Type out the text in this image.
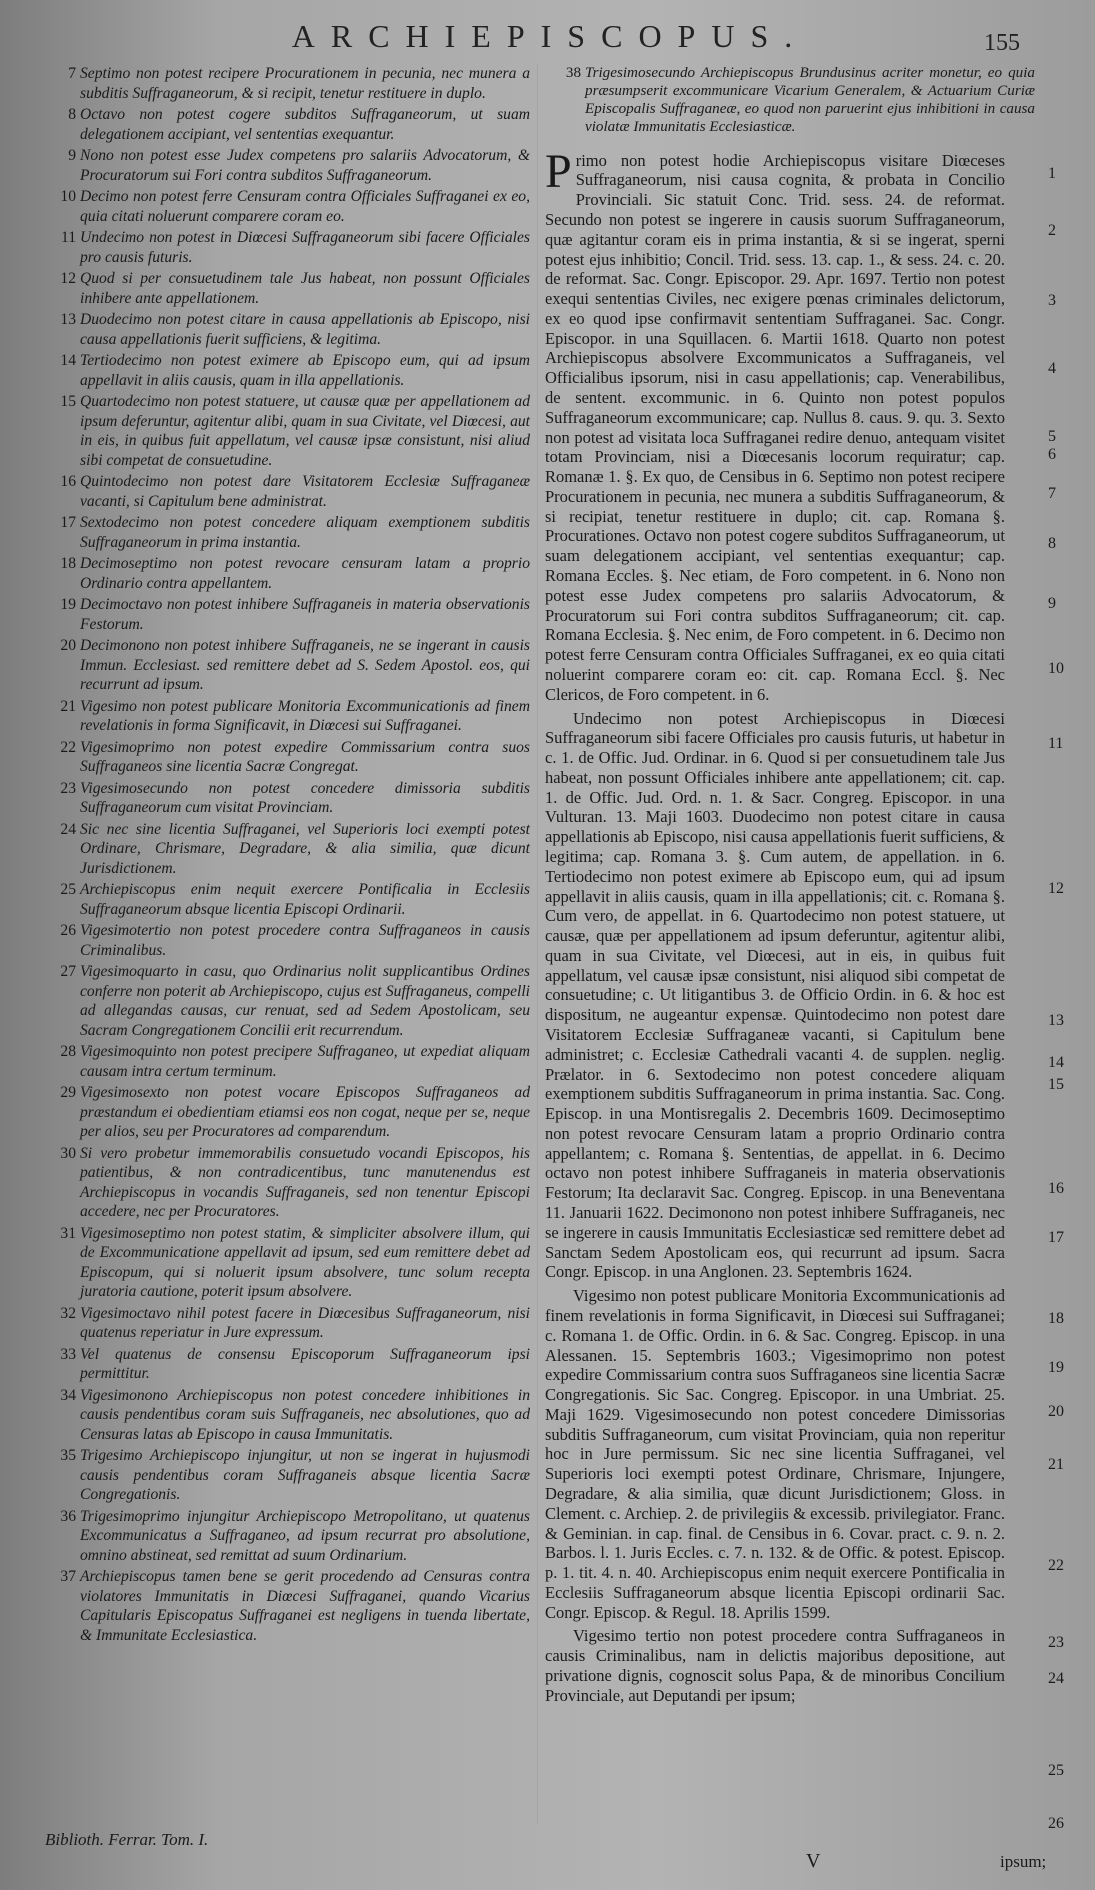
ARCHIEPISCOPUS.	155
7 Septimo non potest recipere Procurationem in pecunia, nec munera a subditis Suffraganeorum, & si recipit, tenetur restituere in duplo.
8 Octavo non potest cogere subditos Suffraganeorum, ut suam delegationem accipiant, vel sententias exequantur.
9 Nono non potest esse Judex competens pro salariis Advocatorum, & Procuratorum sui Fori contra subditos Suffraganeorum.
10 Decimo non potest ferre Censuram contra Officiales Suffraganei ex eo, quia citati noluerunt comparere coram eo.
11 Undecimo non potest in Diœcesi Suffraganeorum sibi facere Officiales pro causis futuris.
12 Quod si per consuetudinem tale Jus habeat, non possunt Officiales inhibere ante appellationem.
13 Duodecimo non potest citare in causa appellationis ab Episcopo, nisi causa appellationis fuerit sufficiens, & legitima.
14 Tertiodecimo non potest eximere ab Episcopo eum, qui ad ipsum appellavit in aliis causis, quam in illa appellationis.
15 Quartodecimo non potest statuere, ut causæ quæ per appellationem ad ipsum deferuntur, agitentur alibi, quam in sua Civitate, vel Diœcesi, aut in eis, in quibus fuit appellatum, vel causæ ipsæ consistunt, nisi aliud sibi competat de consuetudine.
16 Quintodecimo non potest dare Visitatorem Ecclesiæ Suffraganeæ vacanti, si Capitulum bene administrat.
17 Sextodecimo non potest concedere aliquam exemptionem subditis Suffraganeorum in prima instantia.
18 Decimoseptimo non potest revocare censuram latam a proprio Ordinario contra appellantem.
19 Decimoctavo non potest inhibere Suffraganeis in materia observationis Festorum.
20 Decimonono non potest inhibere Suffraganeis, ne se ingerant in causis Immun. Ecclesiast. sed remittere debet ad S. Sedem Apostol. eos, qui recurrunt ad ipsum.
21 Vigesimo non potest publicare Monitoria Excommunicationis ad finem revelationis in forma Significavit, in Diœcesi sui Suffraganei.
22 Vigesimoprimo non potest expedire Commissarium contra suos Suffraganeos sine licentia Sacræ Congregat.
23 Vigesimosecundo non potest concedere dimissoria subditis Suffraganeorum cum visitat Provinciam.
24 Sic nec sine licentia Suffraganei, vel Superioris loci exempti potest Ordinare, Chrismare, Degradare, & alia similia, quæ dicunt Jurisdictionem.
25 Archiepiscopus enim nequit exercere Pontificalia in Ecclesiis Suffraganeorum absque licentia Episcopi Ordinarii.
26 Vigesimotertio non potest procedere contra Suffraganeos in causis Criminalibus.
27 Vigesimoquarto in casu, quo Ordinarius nolit supplicantibus Ordines conferre non poterit ab Archiepiscopo, cujus est Suffraganeus, compelli ad allegandas causas, cur renuat, sed ad Sedem Apostolicam, seu Sacram Congregationem Concilii erit recurrendum.
28 Vigesimoquinto non potest precipere Suffraganeo, ut expediat aliquam causam intra certum terminum.
29 Vigesimosexto non potest vocare Episcopos Suffraganeos ad præstandum ei obedientiam etiamsi eos non cogat, neque per se, neque per alios, seu per Procuratores ad comparendum.
30 Si vero probetur immemorabilis consuetudo vocandi Episcopos, his patientibus, & non contradicentibus, tunc manutenendus est Archiepiscopus in vocandis Suffraganeis, sed non tenentur Episcopi accedere, nec per Procuratores.
31 Vigesimoseptimo non potest statim, & simpliciter absolvere illum, qui de Excommunicatione appellavit ad ipsum, sed eum remittere debet ad Episcopum, qui si noluerit ipsum absolvere, tunc solum recepta juratoria cautione, poterit ipsum absolvere.
32 Vigesimoctavo nihil potest facere in Diœcesibus Suffraganeorum, nisi quatenus reperiatur in Jure expressum.
33 Vel quatenus de consensu Episcoporum Suffraganeorum ipsi permittitur.
34 Vigesimonono Archiepiscopus non potest concedere inhibitiones in causis pendentibus coram suis Suffraganeis, nec absolutiones, quo ad Censuras latas ab Episcopo in causa Immunitatis.
35 Trigesimo Archiepiscopo injungitur, ut non se ingerat in hujusmodi causis pendentibus coram Suffraganeis absque licentia Sacræ Congregationis.
36 Trigesimoprimo injungitur Archiepiscopo Metropolitano, ut quatenus Excommunicatus a Suffraganeo, ad ipsum recurrat pro absolutione, omnino abstineat, sed remittat ad suum Ordinarium.
37 Archiepiscopus tamen bene se gerit procedendo ad Censuras contra violatores Immunitatis in Diœcesi Suffraganei, quando Vicarius Capitularis Episcopatus Suffraganei est negligens in tuenda libertate, & Immunitate Ecclesiastica.
38 Trigesimosecundo Archiepiscopus Brundusinus acriter monetur, eo quia præsumpserit excommunicare Vicarium Generalem, & Actuarium Curiæ Episcopalis Suffraganeæ, eo quod non paruerint ejus inhibitioni in causa violatæ Immunitatis Ecclesiasticæ.

Primo non potest hodie Archiepiscopus visitare Diœceses Suffraganeorum, nisi causa cognita, & probata in Concilio Provinciali. Sic statuit Conc. Trid. sess. 24. de reformat. Secundo non potest se ingerere in causis suorum Suffraganeorum, quæ agitantur coram eis in prima instantia, & si se ingerat, sperni potest ejus inhibitio; Concil. Trid. sess. 13. cap. 1., & sess. 24. c. 20. de reformat. Sac. Congr. Episcopor. 29. Apr. 1697. Tertio non potest exequi sententias Civiles, nec exigere pœnas criminales delictorum, ex eo quod ipse confirmavit sententiam Suffraganei. Sac. Congr. Episcopor. in una Squillacen. 6. Martii 1618. Quarto non potest Archiepiscopus absolvere Excommunicatos a Suffraganeis, vel Officialibus ipsorum, nisi in casu appellationis; cap. Venerabilibus, de sentent. excommunic. in 6. Quinto non potest populos Suffraganeorum excommunicare; cap. Nullus 8. caus. 9. qu. 3. Sexto non potest ad visitata loca Suffraganei redire denuo, antequam visitet totam Provinciam, nisi a Diœcesanis locorum requiratur; cap. Romanæ 1. §. Ex quo, de Censibus in 6. Septimo non potest recipere Procurationem in pecunia, nec munera a subditis Suffraganeorum, & si recipiat, tenetur restituere in duplo; cit. cap. Romana §. Procurationes. Octavo non potest cogere subditos Suffraganeorum, ut suam delegationem accipiant, vel sententias exequantur; cap. Romana Eccles. §. Nec etiam, de Foro competent. in 6. Nono non potest esse Judex competens pro salariis Advocatorum, & Procuratorum sui Fori contra subditos Suffraganeorum; cit. cap. Romana Ecclesia. §. Nec enim, de Foro competent. in 6. Decimo non potest ferre Censuram contra Officiales Suffraganei, ex eo quia citati noluerint comparere coram eo: cit. cap. Romana Eccl. §. Nec Clericos, de Foro competent. in 6.

Undecimo non potest Archiepiscopus in Diœcesi Suffraganeorum sibi facere Officiales pro causis futuris, ut habetur in c. 1. de Offic. Jud. Ordinar. in 6. Quod si per consuetudinem tale Jus habeat, non possunt Officiales inhibere ante appellationem; cit. cap. 1. de Offic. Jud. Ord. n. 1. & Sacr. Congreg. Episcopor. in una Vulturan. 13. Maji 1603. Duodecimo non potest citare in causa appellationis ab Episcopo, nisi causa appellationis fuerit sufficiens, & legitima; cap. Romana 3. §. Cum autem, de appellation. in 6. Tertiodecimo non potest eximere ab Episcopo eum, qui ad ipsum appellavit in aliis causis, quam in illa appellationis; cit. c. Romana §. Cum vero, de appellat. in 6. Quartodecimo non potest statuere, ut causæ, quæ per appellationem ad ipsum deferuntur, agitentur alibi, quam in sua Civitate, vel Diœcesi, aut in eis, in quibus fuit appellatum, vel causæ ipsæ consistunt, nisi aliquod sibi competat de consuetudine; c. Ut litigantibus 3. de Officio Ordin. in 6. & hoc est dispositum, ne augeantur expensæ. Quintodecimo non potest dare Visitatorem Ecclesiæ Suffraganeæ vacanti, si Capitulum bene administret; c. Ecclesiæ Cathedrali vacanti 4. de supplen. neglig. Prælator. in 6. Sextodecimo non potest concedere aliquam exemptionem subditis Suffraganeorum in prima instantia. Sac. Cong. Episcop. in una Montisregalis 2. Decembris 1609. Decimoseptimo non potest revocare Censuram latam a proprio Ordinario contra appellantem; c. Romana §. Sententias, de appellat. in 6. Decimo octavo non potest inhibere Suffraganeis in materia observationis Festorum; Ita declaravit Sac. Congreg. Episcop. in una Beneventana 11. Januarii 1622. Decimonono non potest inhibere Suffraganeis, nec se ingerere in causis Immunitatis Ecclesiasticæ sed remittere debet ad Sanctam Sedem Apostolicam eos, qui recurrunt ad ipsum. Sacra Congr. Episcop. in una Anglonen. 23. Septembris 1624.

Vigesimo non potest publicare Monitoria Excommunicationis ad finem revelationis in forma Significavit, in Diœcesi sui Suffraganei; c. Romana 1. de Offic. Ordin. in 6. & Sac. Congreg. Episcop. in una Alessanen. 15. Septembris 1603.; Vigesimoprimo non potest expedire Commissarium contra suos Suffraganeos sine licentia Sacræ Congregationis. Sic Sac. Congreg. Episcopor. in una Umbriat. 25. Maji 1629. Vigesimosecundo non potest concedere Dimissorias subditis Suffraganeorum, cum visitat Provinciam, quia non reperitur hoc in Jure permissum. Sic nec sine licentia Suffraganei, vel Superioris loci exempti potest Ordinare, Chrismare, Injungere, Degradare, & alia similia, quæ dicunt Jurisdictionem; Gloss. in Clement. c. Archiep. 2. de privilegiis & excessib. privilegiator. Franc. & Geminian. in cap. final. de Censibus in 6. Covar. pract. c. 9. n. 2. Barbos. l. 1. Juris Eccles. c. 7. n. 132. & de Offic. & potest. Episcop. p. 1. tit. 4. n. 40. Archiepiscopus enim nequit exercere Pontificalia in Ecclesiis Suffraganeorum absque licentia Episcopi ordinarii Sac. Congr. Episcop. & Regul. 18. Aprilis 1599.

Vigesimo tertio non potest procedere contra Suffraganeos in causis Criminalibus, nam in delictis majoribus depositione, aut privatione dignis, cognoscit solus Papa, & de minoribus Concilium Provinciale, aut Deputandi per ipsum;

1
2
3
4
5
6
7
8
9
10
11
12
13
14
15
16
17
18
19
20
21
22
23
24
25
26
Biblioth. Ferrar. Tom. I.
V	ipsum;
